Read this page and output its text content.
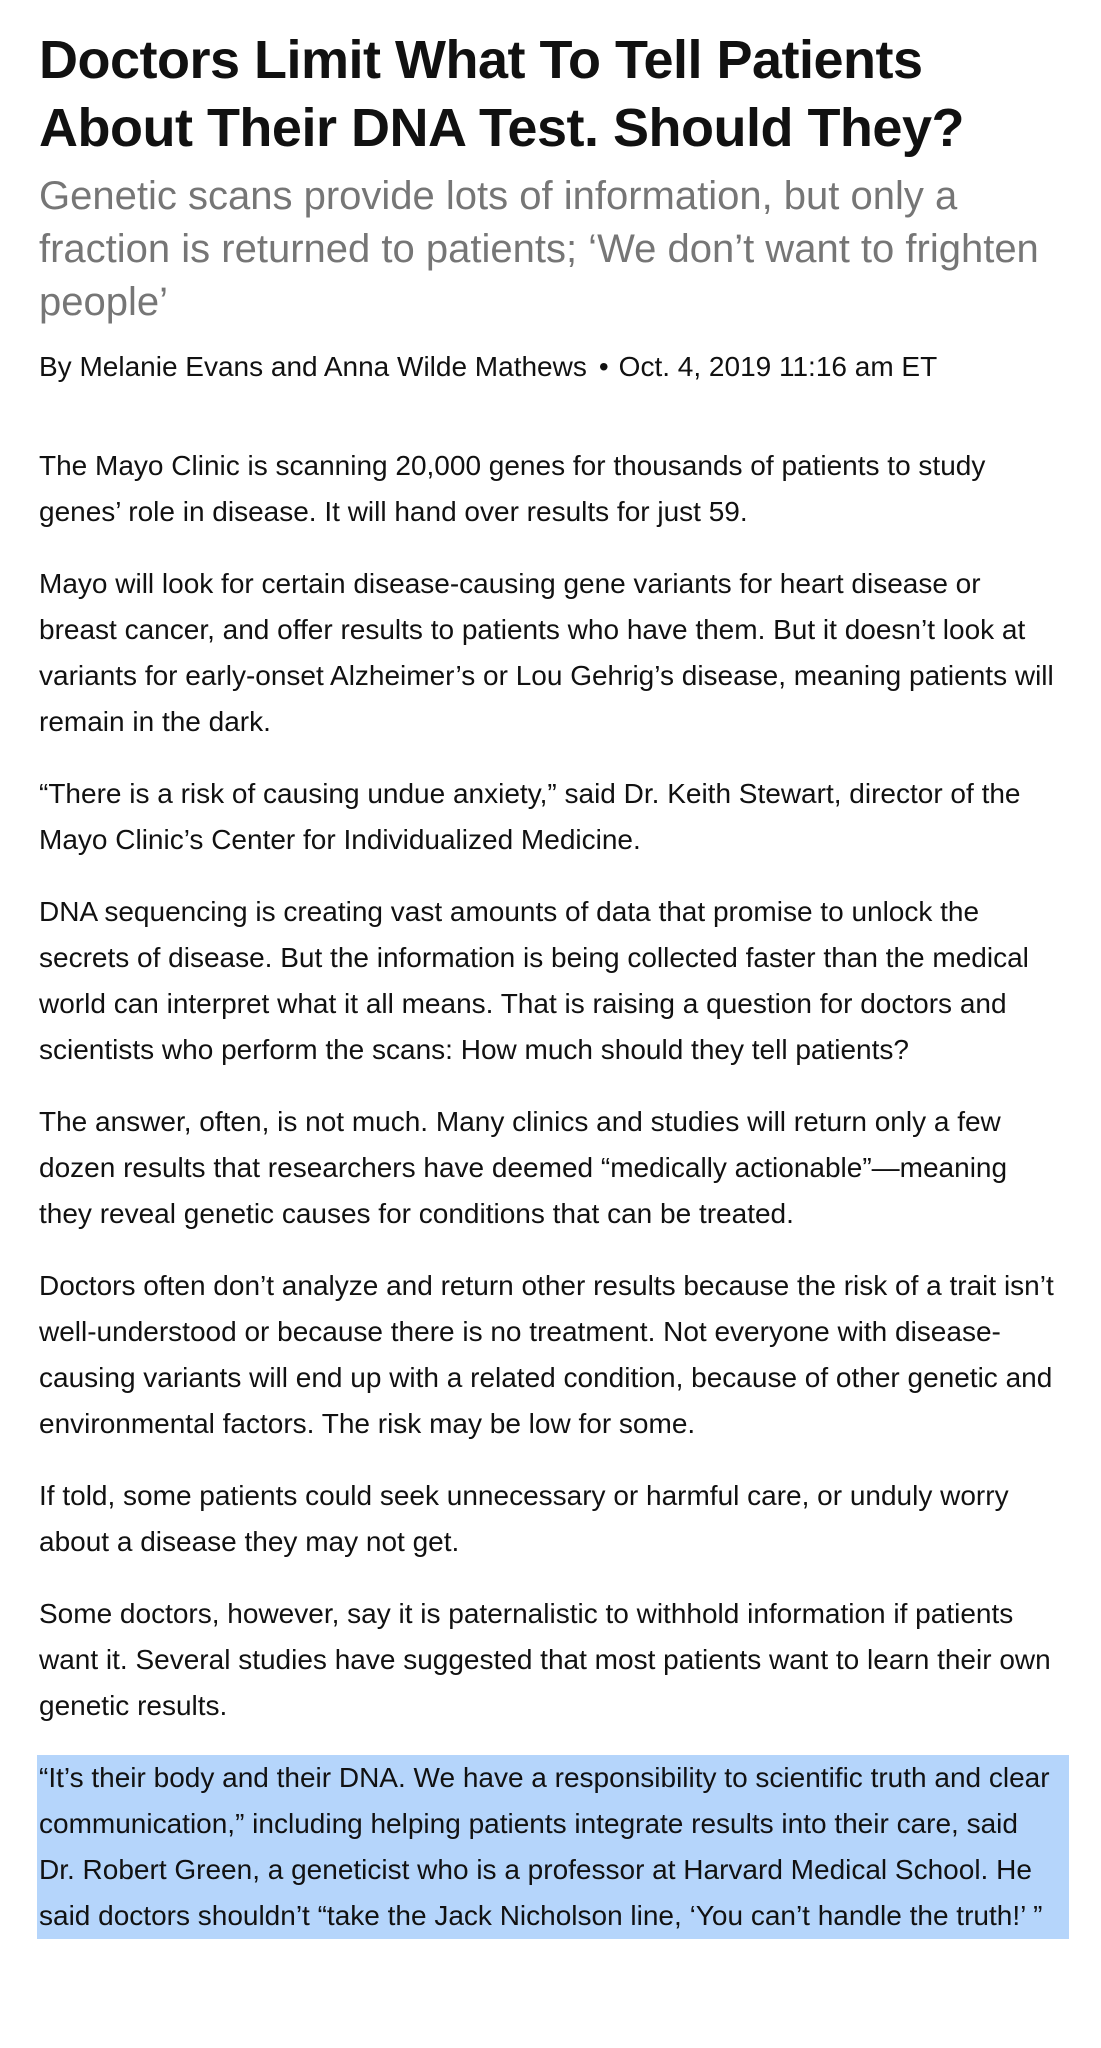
Doctors Limit What To Tell Patients About Their DNA Test. Should They?
Genetic scans provide lots of information, but only a fraction is returned to patients; ‘We don’t want to frighten people’
By Melanie Evans and Anna Wilde Mathews • Oct. 4, 2019 11:16 am ET

The Mayo Clinic is scanning 20,000 genes for thousands of patients to study genes’ role in disease. It will hand over results for just 59.

Mayo will look for certain disease-causing gene variants for heart disease or breast cancer, and offer results to patients who have them. But it doesn’t look at variants for early-onset Alzheimer’s or Lou Gehrig’s disease, meaning patients will remain in the dark.

“There is a risk of causing undue anxiety,” said Dr. Keith Stewart, director of the Mayo Clinic’s Center for Individualized Medicine.

DNA sequencing is creating vast amounts of data that promise to unlock the secrets of disease. But the information is being collected faster than the medical world can interpret what it all means. That is raising a question for doctors and scientists who perform the scans: How much should they tell patients?

The answer, often, is not much. Many clinics and studies will return only a few dozen results that researchers have deemed “medically actionable”—meaning they reveal genetic causes for conditions that can be treated.

Doctors often don’t analyze and return other results because the risk of a trait isn’t well-understood or because there is no treatment. Not everyone with disease-causing variants will end up with a related condition, because of other genetic and environmental factors. The risk may be low for some.

If told, some patients could seek unnecessary or harmful care, or unduly worry about a disease they may not get.

Some doctors, however, say it is paternalistic to withhold information if patients want it. Several studies have suggested that most patients want to learn their own genetic results.

“It’s their body and their DNA. We have a responsibility to scientific truth and clear communication,” including helping patients integrate results into their care, said Dr. Robert Green, a geneticist who is a professor at Harvard Medical School. He said doctors shouldn’t “take the Jack Nicholson line, ‘You can’t handle the truth!’ ”
